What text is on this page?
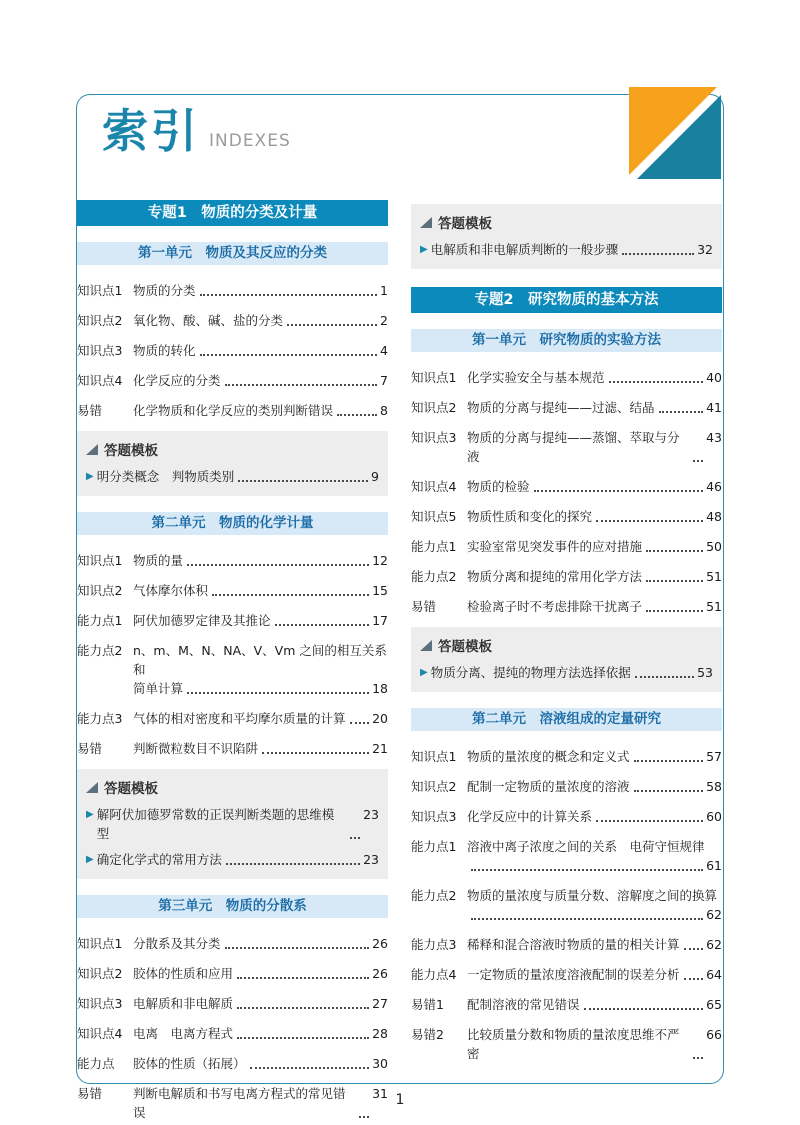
索引 INDEXES
专题1　物质的分类及计量
第一单元　物质及其反应的分类
知识点1 物质的分类	1
知识点2 氧化物、酸、碱、盐的分类	2
知识点3 物质的转化	4
知识点4 化学反应的分类	7
易错	化学物质和化学反应的类别判断错误	8
答题模板
▶ 明分类概念　判物质类别	9
第二单元　物质的化学计量
知识点1 物质的量	12
知识点2 气体摩尔体积	15
能力点1 阿伏加德罗定律及其推论	17
能力点2 n、m、M、N、NA、V、Vm 之间的相互关系和
简单计算	18
能力点3 气体的相对密度和平均摩尔质量的计算 20
易错	判断微粒数目不识陷阱	21
答题模板
▶ 解阿伏加德罗常数的正误判断类题的思维模型
23
▶ 确定化学式的常用方法	23
第三单元　物质的分散系
知识点1 分散系及其分类	26
知识点2 胶体的性质和应用	26
知识点3 电解质和非电解质	27
知识点4 电离　电离方程式	28
能力点	胶体的性质（拓展）	30
易错	判断电解质和书写电离方程式的常见错误
31
答题模板
▶ 电解质和非电解质判断的一般步骤	32
专题2　研究物质的基本方法
第一单元　研究物质的实验方法
知识点1 化学实验安全与基本规范	40
知识点2 物质的分离与提纯——过滤、结晶	41
知识点3 物质的分离与提纯——蒸馏、萃取与分液
43
知识点4 物质的检验	46
知识点5 物质性质和变化的探究	48
能力点1 实验室常见突发事件的应对措施	50
能力点2 物质分离和提纯的常用化学方法	51
易错	检验离子时不考虑排除干扰离子	51
答题模板
▶ 物质分离、提纯的物理方法选择依据	53
第二单元　溶液组成的定量研究
知识点1 物质的量浓度的概念和定义式	57
知识点2 配制一定物质的量浓度的溶液	58
知识点3 化学反应中的计算关系	60
能力点1 溶液中离子浓度之间的关系　电荷守恒规律
61
能力点2 物质的量浓度与质量分数、溶解度之间的换算
62
能力点3 稀释和混合溶液时物质的量的相关计算 62
能力点4 一定物质的量浓度溶液配制的误差分析 64
易错1	配制溶液的常见错误	65
易错2	比较质量分数和物质的量浓度思维不严密
66
1
